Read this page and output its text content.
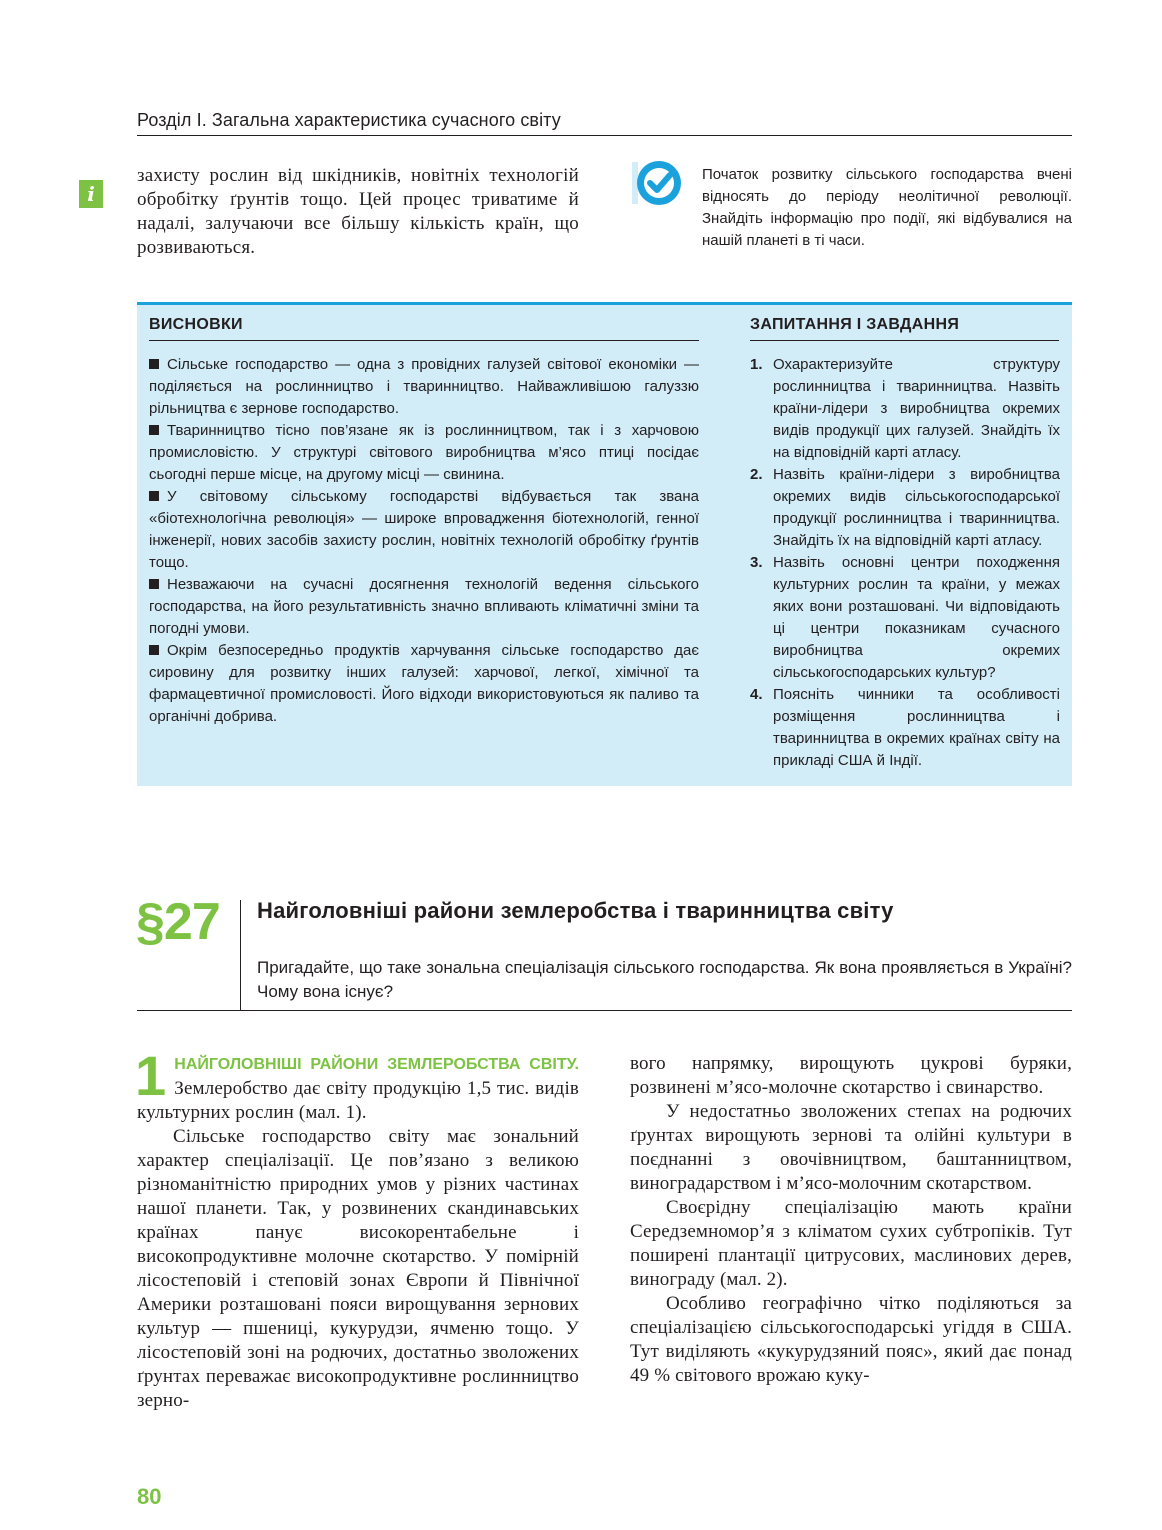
Розділ І. Загальна характеристика сучасного світу
i
захисту рослин від шкідників, новітніх технологій обробітку ґрунтів тощо. Цей процес триватиме й надалі, залучаючи все більшу кількість країн, що розвиваються.
Початок розвитку сільського господарства вчені відносять до періоду неолітичної революції. Знайдіть інформацію про події, які відбувалися на нашій планеті в ті часи.
ВИСНОВКИ
Сільське господарство — одна з провідних галузей світової економіки — поділяється на рослинництво і тваринництво. Найважливішою галуззю рільництва є зернове господарство.
Тваринництво тісно пов’язане як із рослинництвом, так і з харчовою промисловістю. У структурі світового виробництва м’ясо птиці посідає сьогодні перше місце, на другому місці — свинина.
У світовому сільському господарстві відбувається так звана «біотехнологічна революція» — широке впровадження біотехнологій, генної інженерії, нових засобів захисту рослин, новітніх технологій обробітку ґрунтів тощо.
Незважаючи на сучасні досягнення технологій ведення сільського господарства, на його результативність значно впливають кліматичні зміни та погодні умови.
Окрім безпосередньо продуктів харчування сільське господарство дає сировину для розвитку інших галузей: харчової, легкої, хімічної та фармацевтичної промисловості. Його відходи використовуються як паливо та органічні добрива.
ЗАПИТАННЯ І ЗАВДАННЯ
1. Охарактеризуйте структуру рослинництва і тваринництва. Назвіть країни-лідери з виробництва окремих видів продукції цих галузей. Знайдіть їх на відповідній карті атласу.
2. Назвіть країни-лідери з виробництва окремих видів сільськогосподарської продукції рослинництва і тваринництва. Знайдіть їх на відповідній карті атласу.
3. Назвіть основні центри походження культурних рослин та країни, у межах яких вони розташовані. Чи відповідають ці центри показникам сучасного виробництва окремих сільськогосподарських культур?
4. Поясніть чинники та особливості розміщення рослинництва і тваринництва в окремих країнах світу на прикладі США й Індії.
§27 Найголовніші райони землеробства і тваринництва світу
Пригадайте, що таке зональна спеціалізація сільського господарства. Як вона проявляється в Україні? Чому вона існує?

1 НАЙГОЛОВНІШІ РАЙОНИ ЗЕМЛЕРОБСТВА СВІТУ. Землеробство дає світу продукцію 1,5 тис. видів культурних рослин (мал. 1).

Сільське господарство світу має зональний характер спеціалізації. Це пов’язано з великою різноманітністю природних умов у різних частинах нашої планети. Так, у розвинених скандинавських країнах панує високорентабельне і високопродуктивне молочне скотарство. У помірній лісостеповій і степовій зонах Європи й Північної Америки розташовані пояси вирощування зернових культур — пшениці, кукурудзи, ячменю тощо. У лісостеповій зоні на родючих, достатньо зволожених ґрунтах переважає високопродуктивне рослинництво зерно-

вого напрямку, вирощують цукрові буряки, розвинені м’ясо-молочне скотарство і свинарство.

У недостатньо зволожених степах на родючих ґрунтах вирощують зернові та олійні культури в поєднанні з овочівництвом, баштанництвом, виноградарством і м’ясо-молочним скотарством.

Своєрідну спеціалізацію мають країни Середземномор’я з кліматом сухих субтропіків. Тут поширені плантації цитрусових, маслинових дерев, винограду (мал. 2).

Особливо географічно чітко поділяються за спеціалізацією сільськогосподарські угіддя в США. Тут виділяють «кукурудзяний пояс», який дає понад 49 % світового врожаю куку-

80
